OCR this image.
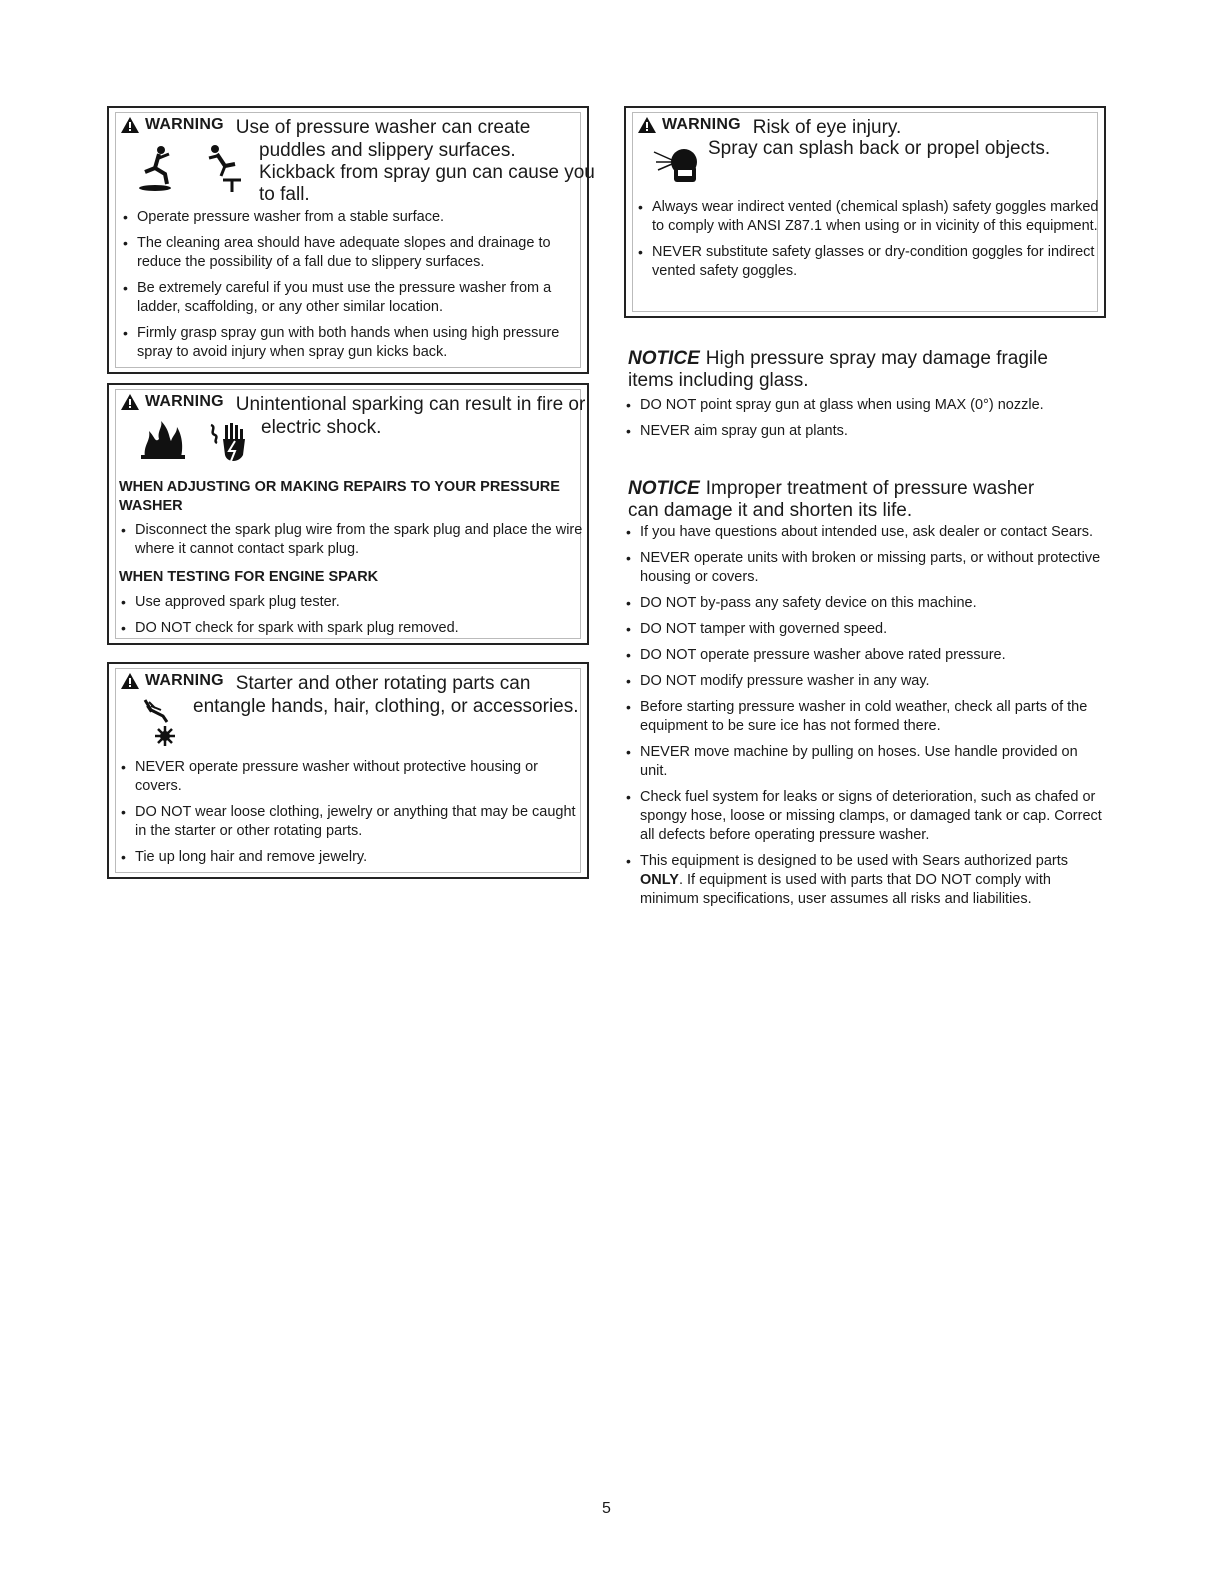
WARNING Use of pressure washer can create
puddles and slippery surfaces.
Kickback from spray gun can cause you
to fall.
• Operate pressure washer from a stable surface.
• The cleaning area should have adequate slopes and drainage to reduce the possibility of a fall due to slippery surfaces.
• Be extremely careful if you must use the pressure washer from a ladder, scaffolding, or any other similar location.
• Firmly grasp spray gun with both hands when using high pressure spray to avoid injury when spray gun kicks back.
WARNING Unintentional sparking can result in fire or
electric shock.
WHEN ADJUSTING OR MAKING REPAIRS TO YOUR PRESSURE WASHER
• Disconnect the spark plug wire from the spark plug and place the wire where it cannot contact spark plug.
WHEN TESTING FOR ENGINE SPARK
• Use approved spark plug tester.
• DO NOT check for spark with spark plug removed.
WARNING Starter and other rotating parts can
entangle hands, hair, clothing, or accessories.
• NEVER operate pressure washer without protective housing or covers.
• DO NOT wear loose clothing, jewelry or anything that may be caught in the starter or other rotating parts.
• Tie up long hair and remove jewelry.
WARNING Risk of eye injury.
Spray can splash back or propel objects.
• Always wear indirect vented (chemical splash) safety goggles marked to comply with ANSI Z87.1 when using or in vicinity of this equipment.
• NEVER substitute safety glasses or dry-condition goggles for indirect vented safety goggles.
NOTICE High pressure spray may damage fragile items including glass.
• DO NOT point spray gun at glass when using MAX (0°) nozzle.
• NEVER aim spray gun at plants.
NOTICE Improper treatment of pressure washer can damage it and shorten its life.
• If you have questions about intended use, ask dealer or contact Sears.
• NEVER operate units with broken or missing parts, or without protective housing or covers.
• DO NOT by-pass any safety device on this machine.
• DO NOT tamper with governed speed.
• DO NOT operate pressure washer above rated pressure.
• DO NOT modify pressure washer in any way.
• Before starting pressure washer in cold weather, check all parts of the equipment to be sure ice has not formed there.
• NEVER move machine by pulling on hoses. Use handle provided on unit.
• Check fuel system for leaks or signs of deterioration, such as chafed or spongy hose, loose or missing clamps, or damaged tank or cap. Correct all defects before operating pressure washer.
• This equipment is designed to be used with Sears authorized parts ONLY. If equipment is used with parts that DO NOT comply with minimum specifications, user assumes all risks and liabilities.
5
